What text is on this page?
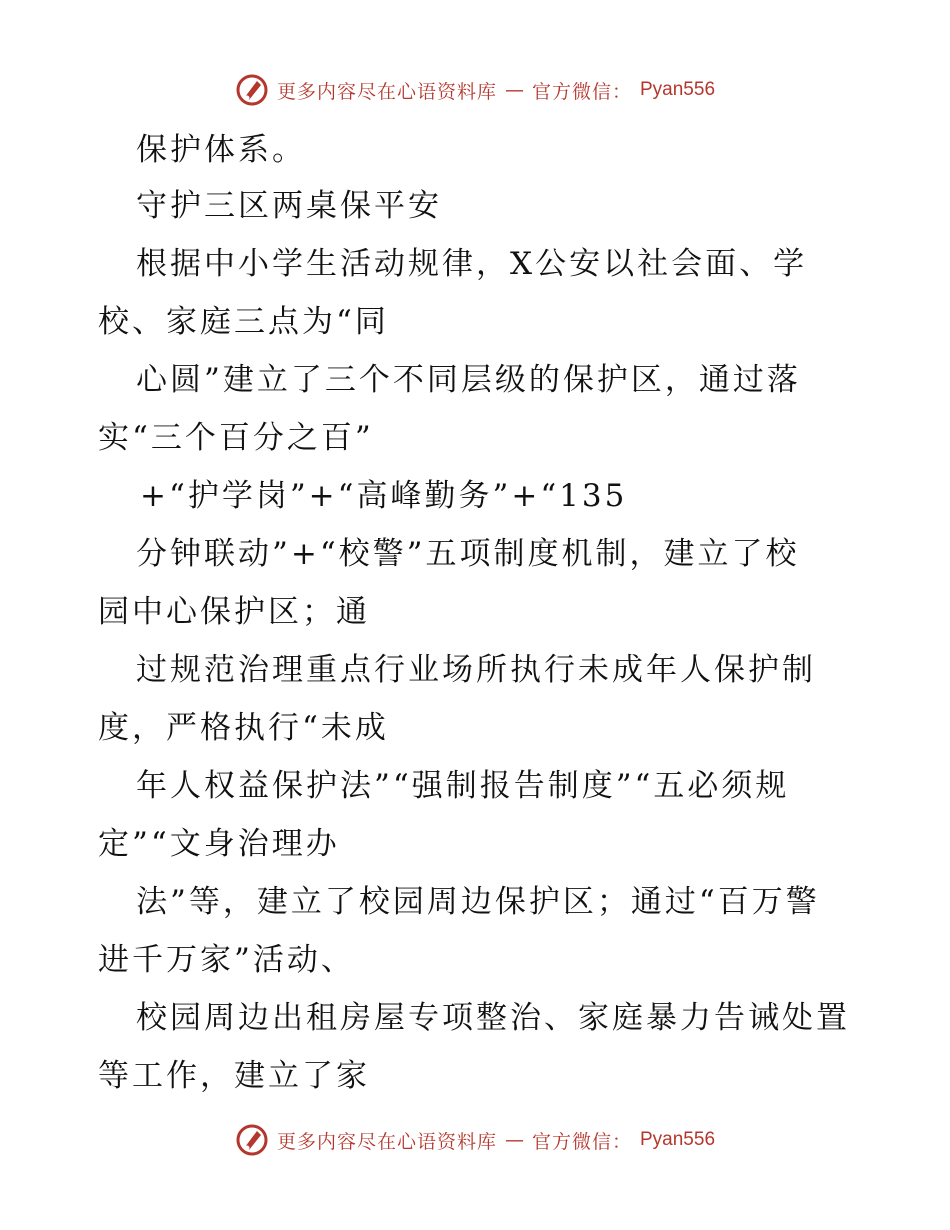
更多内容尽在心语资料库 — 官方微信： Pyan556
保护体系。
守护三区两桌保平安
根据中小学生活动规律，X公安以社会面、学
校、家庭三点为“同
心圆”建立了三个不同层级的保护区，通过落
实“三个百分之百”
+“护学岗”+“高峰勤务”+“135
分钟联动”+“校警”五项制度机制，建立了校
园中心保护区；通
过规范治理重点行业场所执行未成年人保护制
度，严格执行“未成
年人权益保护法”“强制报告制度”“五必须规
定”“文身治理办
法”等，建立了校园周边保护区；通过“百万警
进千万家”活动、
校园周边出租房屋专项整治、家庭暴力告诫处置
等工作，建立了家
更多内容尽在心语资料库 — 官方微信： Pyan556
